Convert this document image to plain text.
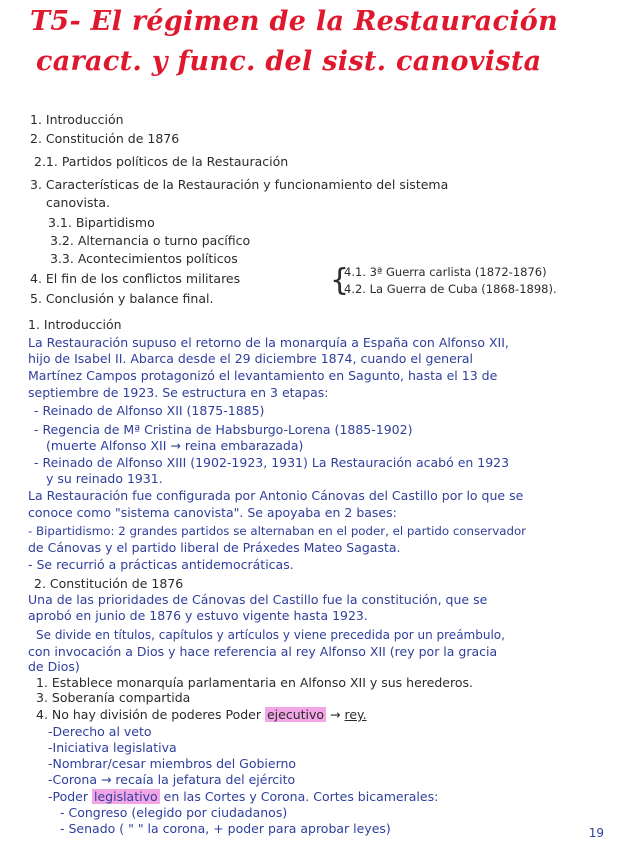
T5- El régimen de la Restauración
caract. y func. del sist. canovista
1. Introducción
2. Constitución de 1876
2.1. Partidos políticos de la Restauración
3. Características de la Restauración y funcionamiento del sistema
canovista.
3.1. Bipartidismo
3.2. Alternancia o turno pacífico
3.3. Acontecimientos políticos
4. El fin de los conflictos militares	{
4.1. 3ª Guerra carlista (1872-1876)
4.2. La Guerra de Cuba (1868-1898).
5. Conclusión y balance final.
1. Introducción
La Restauración supuso el retorno de la monarquía a España con Alfonso XII,
hijo de Isabel II. Abarca desde el 29 diciembre 1874, cuando el general
Martínez Campos protagonizó el levantamiento en Sagunto, hasta el 13 de
septiembre de 1923. Se estructura en 3 etapas:
- Reinado de Alfonso XII (1875-1885)
- Regencia de Mª Cristina de Habsburgo-Lorena (1885-1902)
(muerte Alfonso XII → reina embarazada)
- Reinado de Alfonso XIII (1902-1923, 1931) La Restauración acabó en 1923
y su reinado 1931.
La Restauración fue configurada por Antonio Cánovas del Castillo por lo que se
conoce como "sistema canovista". Se apoyaba en 2 bases:
- Bipartidismo: 2 grandes partidos se alternaban en el poder, el partido conservador
de Cánovas y el partido liberal de Práxedes Mateo Sagasta.
- Se recurrió a prácticas antidemocráticas.
2. Constitución de 1876
Una de las prioridades de Cánovas del Castillo fue la constitución, que se
aprobó en junio de 1876 y estuvo vigente hasta 1923.
Se divide en títulos, capítulos y artículos y viene precedida por un preámbulo,
con invocación a Dios y hace referencia al rey Alfonso XII (rey por la gracia
de Dios)
1. Establece monarquía parlamentaria en Alfonso XII y sus herederos.
3. Soberanía compartida
4. No hay división de poderes Poder ejecutivo → rey.
-Derecho al veto
-Iniciativa legislativa
-Nombrar/cesar miembros del Gobierno
-Corona → recaía la jefatura del ejército
-Poder legislativo en las Cortes y Corona. Cortes bicamerales:
- Congreso (elegido por ciudadanos)
- Senado ( " " la corona, + poder para aprobar leyes)	19
